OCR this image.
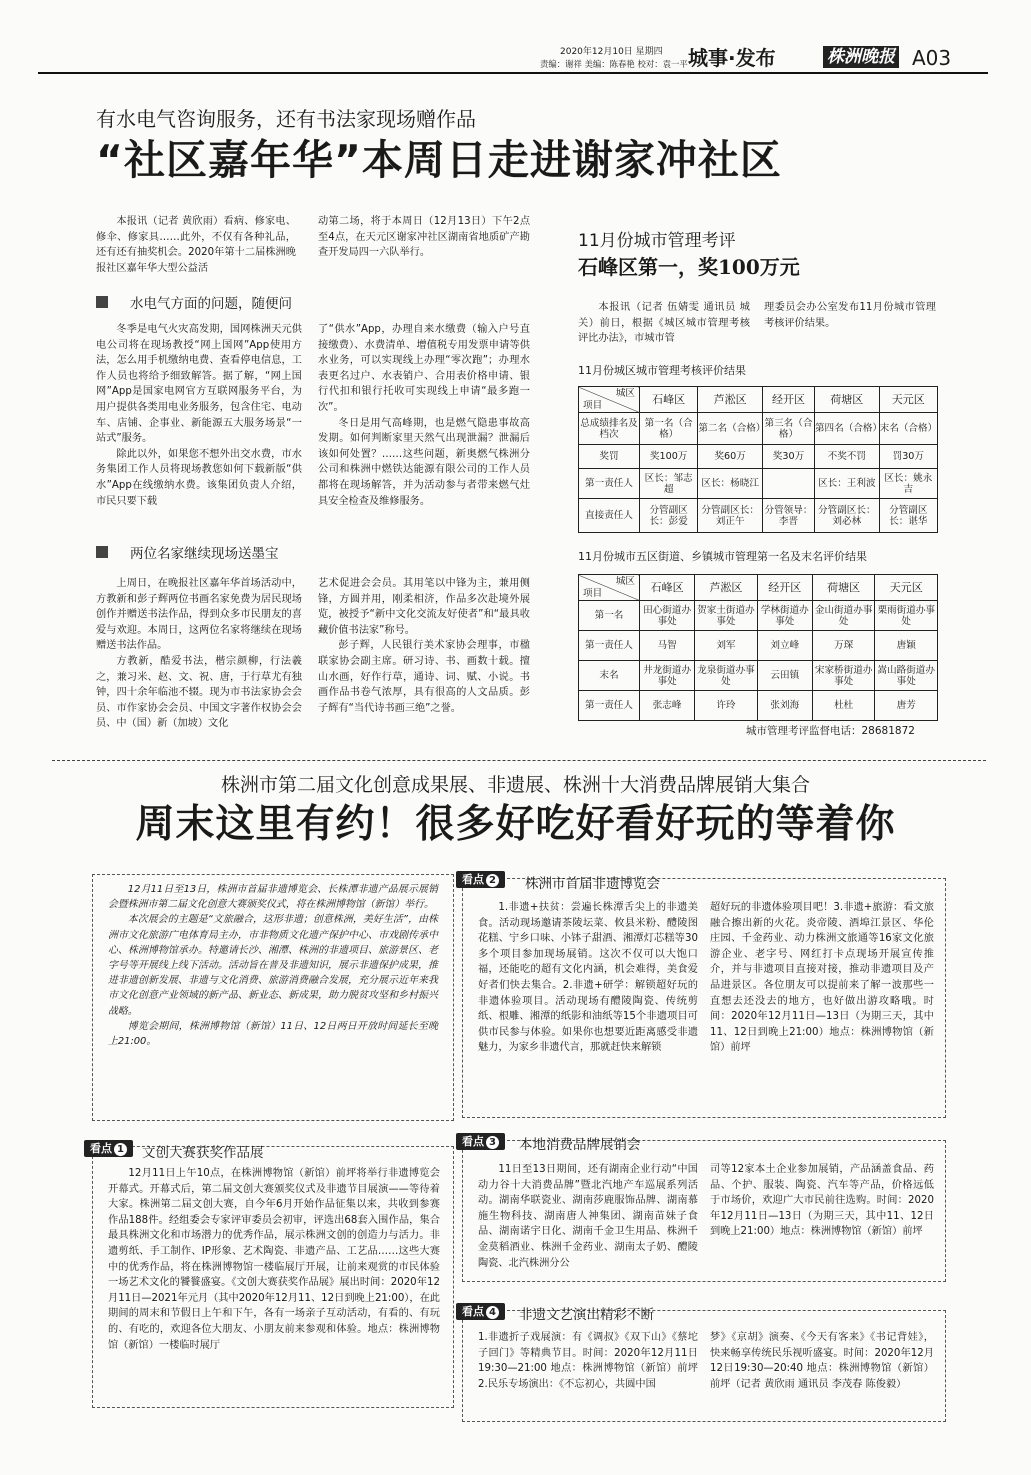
2020年12月10日 星期四
责编：谢祥 美编：陈春艳 校对：袁一平 城事·发布	株洲晚报 A03
有水电气咨询服务，还有书法家现场赠作品
“社区嘉年华”本周日走进谢家冲社区

本报讯（记者 黄欣雨）看病、修家电、修伞、修家具……此外，不仅有各种礼品，还有还有抽奖机会。2020年第十二届株洲晚报社区嘉年华大型公益活

动第二场，将于本周日（12月13日）下午2点至4点，在天元区谢家冲社区湖南省地质矿产勘查开发局四一六队举行。

水电气方面的问题，随便问

冬季是电气火灾高发期，国网株洲天元供电公司将在现场教授“网上国网”App使用方法，怎么用手机缴纳电费、查看停电信息，工作人员也将给予细致解答。据了解，“网上国网”App是国家电网官方互联网服务平台，为用户提供各类用电业务服务，包含住宅、电动车、店铺、企事业、新能源五大服务场景“一站式”服务。

除此以外，如果您不想外出交水费，市水务集团工作人员将现场教您如何下载新版“供水”App在线缴纳水费。该集团负责人介绍，市民只要下载

了“供水”App，办理自来水缴费（输入户号直接缴费）、水费清单、增值税专用发票申请等供水业务，可以实现线上办理“零次跑”；办理水表更名过户、水表销户、合用表价格申请、银行代扣和银行托收可实现线上申请“最多跑一次”。

冬日是用气高峰期，也是燃气隐患事故高发期。如何判断家里天然气出现泄漏？泄漏后该如何处置？……这些问题，新奥燃气株洲分公司和株洲中燃铁达能源有限公司的工作人员都将在现场解答，并为活动参与者带来燃气灶具安全检查及维修服务。

两位名家继续现场送墨宝

上周日，在晚报社区嘉年华首场活动中，方教新和彭子辉两位书画名家免费为居民现场创作并赠送书法作品，得到众多市民朋友的喜爱与欢迎。本周日，这两位名家将继续在现场赠送书法作品。

方教新，酷爱书法，楷宗颜柳，行法羲之，兼习米、赵、文、祝、唐，于行草尤有独钟，四十余年临池不辍。现为市书法家协会会员、市作家协会会员、中国文字著作权协会会员、中（国）新（加坡）文化

艺术促进会会员。其用笔以中锋为主，兼用侧锋，方圆并用，刚柔相济，作品多次赴境外展览，被授予“新中文化交流友好使者”和“最具收藏价值书法家”称号。

彭子辉，人民银行美术家协会理事，市楹联家协会副主席。研习诗、书、画数十载。擅山水画，好作行草，通诗、词、赋、小说。书画作品书卷气浓厚，具有很高的人文品质。彭子辉有“当代诗书画三绝”之誉。

11月份城市管理考评
石峰区第一，奖100万元

本报讯（记者 伍婧雯 通讯员 城关）前日，根据《城区城市管理考核评比办法》，市城市管

理委员会办公室发布11月份城市管理考核评价结果。

11月份城区城市管理考核评价结果
城区
项目	石峰区	芦淞区	经开区	荷塘区	天元区
总成绩排名及档次	第一名（合格）	第二名（合格）	第三名（合格）	第四名（合格）	末名（合格）
奖罚	奖100万	奖60万	奖30万	不奖不罚	罚30万
第一责任人	区长：邹志超	区长：杨晓江		区长：王利波	区长：姚永吉
直接责任人	分管副区长：彭爱	分管副区长：刘正午	分管领导：李晋	分管副区长：刘必林	分管副区长：谌华
11月份城市五区街道、乡镇城市管理第一名及末名评价结果
城区
项目	石峰区	芦淞区	经开区	荷塘区	天元区
第一名	田心街道办事处	贺家土街道办事处	学林街道办事处	金山街道办事处	栗雨街道办事处
第一责任人	马智	刘军	刘立峰	万琛	唐颖
末名	井龙街道办事处	龙泉街道办事处	云田镇	宋家桥街道办事处	嵩山路街道办事处
第一责任人	张志峰	许玲	张刘海	杜杜	唐芳
城市管理考评监督电话：28681872
株洲市第二届文化创意成果展、非遗展、株洲十大消费品牌展销大集合
周末这里有约！很多好吃好看好玩的等着你

12月11日至13日，株洲市首届非遗博览会、长株潭非遗产品展示展销会暨株洲市第二届文化创意大赛颁奖仪式，将在株洲博物馆（新馆）举行。

本次展会的主题是“文旅融合，这形非遗；创意株洲，美好生活”，由株洲市文化旅游广电体育局主办，市非物质文化遗产保护中心、市戏剧传承中心、株洲博物馆承办。特邀请长沙、湘潭、株洲的非遗项目、旅游景区、老字号等开展线上线下活动。活动旨在普及非遗知识，展示非遗保护成果，推进非遗创新发展、非遗与文化消费、旅游消费融合发展，充分展示近年来我市文化创意产业领域的新产品、新业态、新成果，助力脱贫攻坚和乡村振兴战略。

博览会期间，株洲博物馆（新馆）11日、12日两日开放时间延长至晚上21:00。

看点 2	株洲市首届非遗博览会

1.非遗+扶贫：尝遍长株潭舌尖上的非遗美食。活动现场邀请茶陵坛菜、攸县米粉、醴陵图花糕、宁乡口味、小钵子甜酒、湘潭灯芯糕等30多个项目参加现场展销。这次不仅可以大饱口福，还能吃的超有文化内涵，机会难得，美食爱好者们快去集合。2.非遗+研学：解锁超好玩的非遗体验项目。活动现场有醴陵陶瓷、传统剪纸、根雕、湘潭的纸影和油纸等15个非遗项目可供市民参与体验。如果你也想要近距离感受非遗魅力，为家乡非遗代言，那就赶快来解锁

超好玩的非遗体验项目吧！3.非遗+旅游：看文旅融合擦出新的火花。炎帝陵、酒埠江景区、华伦庄园、千金药业、动力株洲文旅通等16家文化旅游企业、老字号、网红打卡点现场开展宣传推介，并与非遗项目直接对接，推动非遗项目及产品进景区。各位朋友可以提前来了解一波那些一直想去还没去的地方，也好做出游攻略哦。时间：2020年12月11日—13日（为期三天，其中11、12日到晚上21:00）地点：株洲博物馆（新馆）前坪

看点 1	文创大赛获奖作品展

12月11日上午10点，在株洲博物馆（新馆）前坪将举行非遗博览会开幕式。开幕式后，第二届文创大赛颁奖仪式及非遗节目展演——等待着大家。株洲第二届文创大赛，自今年6月开始作品征集以来，共收到参赛作品188件。经组委会专家评审委员会初审，评选出68套入围作品，集合最具株洲文化和市场潜力的优秀作品，展示株洲文创的创造力与活力。非遗剪纸、手工制作、IP形象、艺术陶瓷、非遗产品、工艺品……这些大赛中的优秀作品，将在株洲博物馆一楼临展厅开展，让前来观赏的市民体验一场艺术文化的饕餮盛宴。《文创大赛获奖作品展》展出时间：2020年12月11日—2021年元月（其中2020年12月11、12日到晚上21:00），在此期间的周末和节假日上午和下午，各有一场亲子互动活动，有看的、有玩的、有吃的，欢迎各位大朋友、小朋友前来参观和体验。地点：株洲博物馆（新馆）一楼临时展厅

看点 3	本地消费品牌展销会

11日至13日期间，还有湖南企业行动“中国动力谷十大消费品牌”暨北汽地产车巡展系列活动。湖南华联瓷业、湖南莎鹿服饰品牌、湖南慕施生物科技、湖南唐人神集团、湖南苗妹子食品、湖南诺宇日化、湖南千金卫生用品、株洲千金莫稻酒业、株洲千金药业、湖南太子奶、醴陵陶瓷、北汽株洲分公

司等12家本土企业参加展销，产品涵盖食品、药品、个护、服装、陶瓷、汽车等产品，价格远低于市场价，欢迎广大市民前往选购。时间：2020年12月11日—13日（为期三天，其中11、12日到晚上21:00）地点：株洲博物馆（新馆）前坪

看点 4	非遗文艺演出精彩不断

1.非遗折子戏展演：有《调叔》《双下山》《蔡坨子回门》等精典节目。时间：2020年12月11日19:30—21:00 地点：株洲博物馆（新馆）前坪 2.民乐专场演出：《不忘初心，共圆中国

梦》《京胡》演奏、《今天有客来》《书记背娃》，快来畅享传统民乐视听盛宴。时间：2020年12月12日19:30—20:40 地点：株洲博物馆（新馆）前坪（记者 黄欣雨 通讯员 李茂春 陈俊毅）
